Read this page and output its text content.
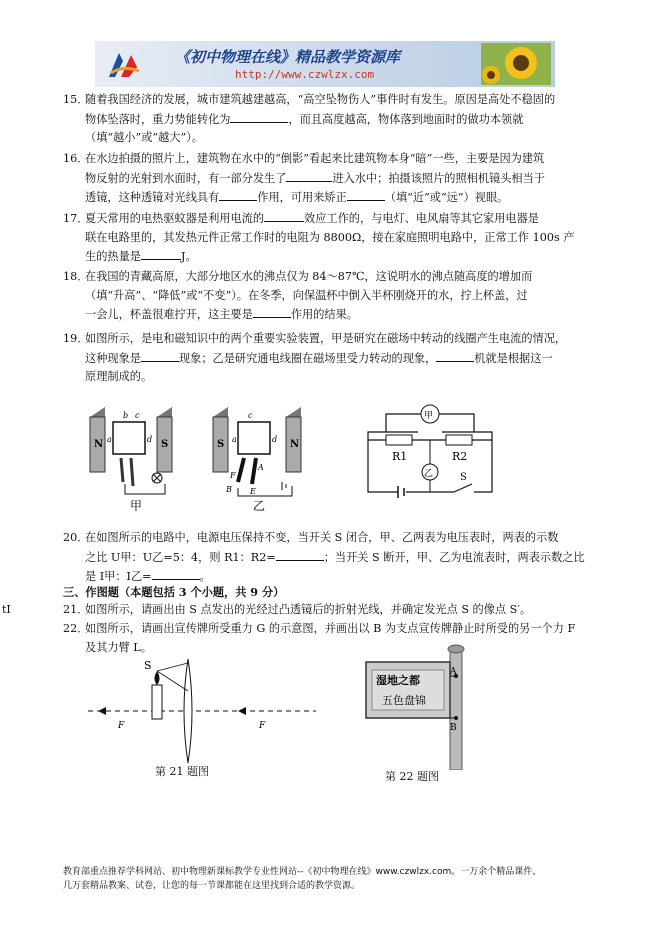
《初中物理在线》精品教学资源库
http://www.czwlzx.com
15．随着我国经济的发展，城市建筑越建越高，“高空坠物伤人”事件时有发生。原因是高处不稳固的
物体坠落时，重力势能转化为	，而且高度越高，物体落到地面时的做功本领就
（填“越小”或“越大”）。
16．在水边拍摄的照片上，建筑物在水中的“倒影”看起来比建筑物本身“暗”一些，主要是因为建筑
物反射的光射到水面时，有一部分发生了	进入水中；拍摄该照片的照相机镜头相当于
透镜，这种透镜对光线具有	作用，可用来矫正	（填“近”或“远”）视眼。
17．夏天常用的电热驱蚊器是利用电流的	效应工作的，与电灯、电风扇等其它家用电器是
联在电路里的，其发热元件正常工作时的电阻为 8800Ω，接在家庭照明电路中，正常工作 100s 产
生的热量是	J。
18．在我国的青藏高原，大部分地区水的沸点仅为 84～87℃，这说明水的沸点随高度的增加而
（填“升高”、“降低”或“不变”）。在冬季，向保温杯中倒入半杯刚烧开的水，拧上杯盖，过
一会儿，杯盖很难拧开，这主要是	作用的结果。
19．如图所示，是电和磁知识中的两个重要实验装置，甲是研究在磁场中转动的线圈产生电流的情况，
这种现象是	现象；乙是研究通电线圈在磁场里受力转动的现象，	机就是根据这一
原理制成的。
N	S
b c
a	d
甲
S	N
c
a	d
F
A
B E
乙
甲
R1	R2
乙	S
20．在如图所示的电路中，电源电压保持不变，当开关 S 闭合，甲、乙两表为电压表时，两表的示数
之比 U甲：U乙=5：4，则 R1：R2=	；当开关 S 断开，甲、乙为电流表时，两表示数之比
是 I甲：I乙=	。
三、作图题（本题包括 3 个小题，共 9 分）
tI	21．如图所示，请画出由 S 点发出的光经过凸透镜后的折射光线，并确定发光点 S 的像点 S′。
22．如图所示，请画出宣传牌所受重力 G 的示意图，并画出以 B 为支点宣传牌静止时所受的另一个力 F
及其力臂 L。
F	F
S
第 21 题图
湿地之都
五色盘锦
A
B
第 22 题图
教育部重点推荐学科网站、初中物理新课标教学专业性网站--《初中物理在线》www.czwlzx.com。一万余个精品课件、
几万套精品教案、试卷，让您的每一节课都能在这里找到合适的教学资源。
